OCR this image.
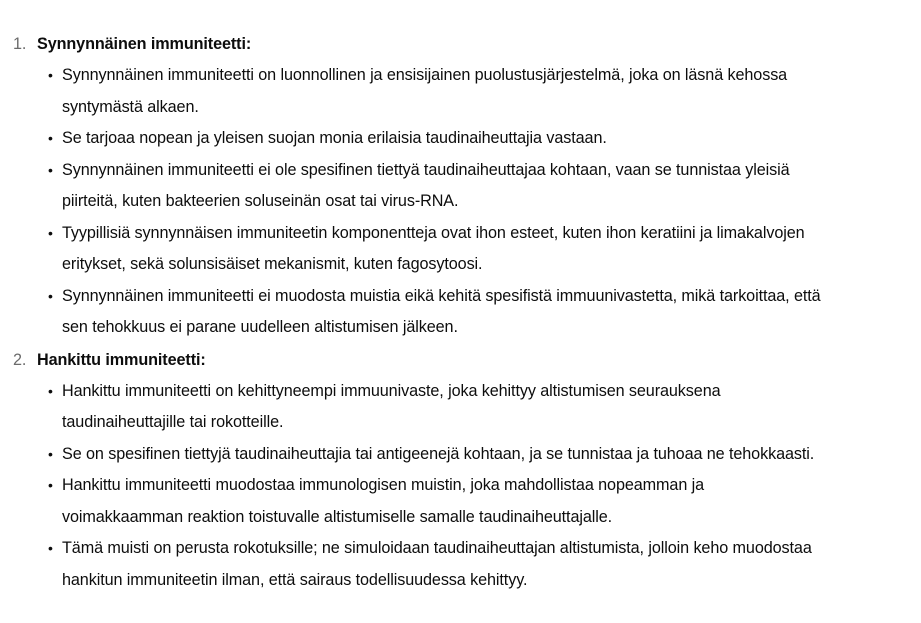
1. Synnynnäinen immuniteetti:
• Synnynnäinen immuniteetti on luonnollinen ja ensisijainen puolustusjärjestelmä, joka on läsnä kehossa syntymästä alkaen.
• Se tarjoaa nopean ja yleisen suojan monia erilaisia taudinaiheuttajia vastaan.
• Synnynnäinen immuniteetti ei ole spesifinen tiettyä taudinaiheuttajaa kohtaan, vaan se tunnistaa yleisiä piirteitä, kuten bakteerien soluseinän osat tai virus-RNA.
• Tyypillisiä synnynnäisen immuniteetin komponentteja ovat ihon esteet, kuten ihon keratiini ja limakalvojen eritykset, sekä solunsisäiset mekanismit, kuten fagosytoosi.
• Synnynnäinen immuniteetti ei muodosta muistia eikä kehitä spesifistä immuunivastetta, mikä tarkoittaa, että sen tehokkuus ei parane uudelleen altistumisen jälkeen.
2. Hankittu immuniteetti:
• Hankittu immuniteetti on kehittyneempi immuunivaste, joka kehittyy altistumisen seurauksena taudinaiheuttajille tai rokotteille.
• Se on spesifinen tiettyjä taudinaiheuttajia tai antigeenejä kohtaan, ja se tunnistaa ja tuhoaa ne tehokkaasti.
• Hankittu immuniteetti muodostaa immunologisen muistin, joka mahdollistaa nopeamman ja voimakkaamman reaktion toistuvalle altistumiselle samalle taudinaiheuttajalle.
• Tämä muisti on perusta rokotuksille; ne simuloidaan taudinaiheuttajan altistumista, jolloin keho muodostaa hankitun immuniteetin ilman, että sairaus todellisuudessa kehittyy.
